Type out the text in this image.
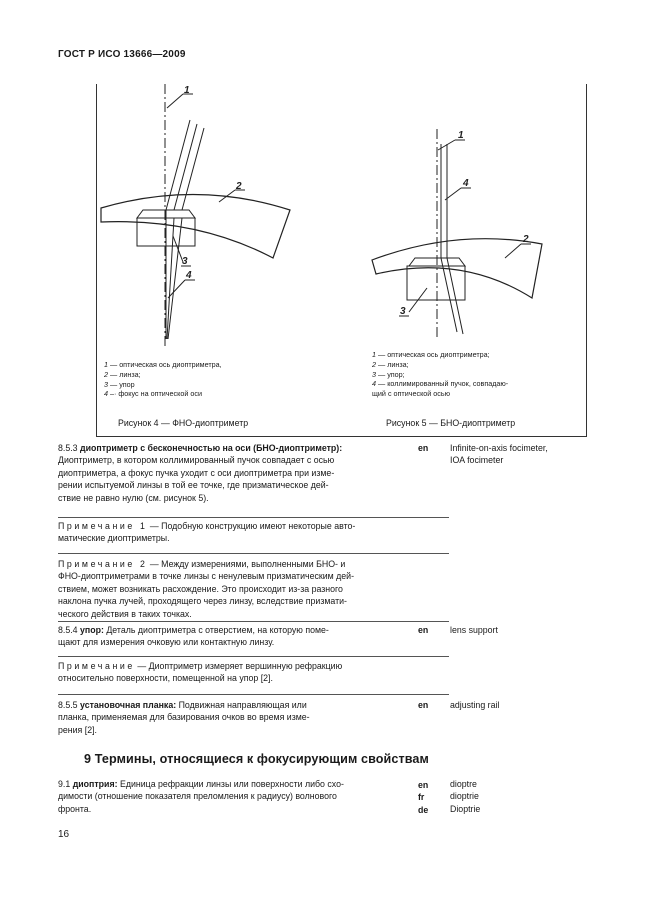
ГОСТ Р ИСО 13666—2009
1
2
3
4
1
2
3
4
1 — оптическая ось диоптриметра,
2 — линза;
3 — упор
4 –· фокус на оптической оси
Рисунок 4 — ФНО-диоптриметр
1 — оптическая ось диоптриметра;
2 — линза;
3 — упор;
4 — коллимированный пучок, совпадаю-
щий с оптической осью
Рисунок 5 — БНО-диоптриметр
8.5.3 диоптриметр с бесконечностью на оси (БНО-диоптриметр):
Диоптриметр, в котором коллимированный пучок совпадает с осью
диоптриметра, а фокус пучка уходит с оси диоптриметра при изме-
рении испытуемой линзы в той ее точке, где призматическое дей-
ствие не равно нулю (см. рисунок 5).
en Infinite-on-axis focimeter,
IOA focimeter
Примечание 1 — Подобную конструкцию имеют некоторые авто-
матические диоптриметры.
Примечание 2 — Между измерениями, выполненными БНО- и
ФНО-диоптриметрами в точке линзы с ненулевым призматическим дей-
ствием, может возникать расхождение. Это происходит из-за разного
наклона пучка лучей, проходящего через линзу, вследствие призмати-
ческого действия в таких точках.
8.5.4 упор: Деталь диоптриметра с отверстием, на которую поме-
щают для измерения очковую или контактную линзу.
en lens support
Примечание — Диоптриметр измеряет вершинную рефракцию
относительно поверхности, помещенной на упор [2].
8.5.5 установочная планка: Подвижная направляющая или
планка, применяемая для базирования очков во время изме-
рения [2].
en adjusting rail
9 Термины, относящиеся к фокусирующим свойствам
9.1 диоптрия: Единица рефракции линзы или поверхности либо схо-
димости (отношение показателя преломления к радиусу) волнового
фронта.
en
fr
de
dioptre
dioptrie
Dioptrie
16
